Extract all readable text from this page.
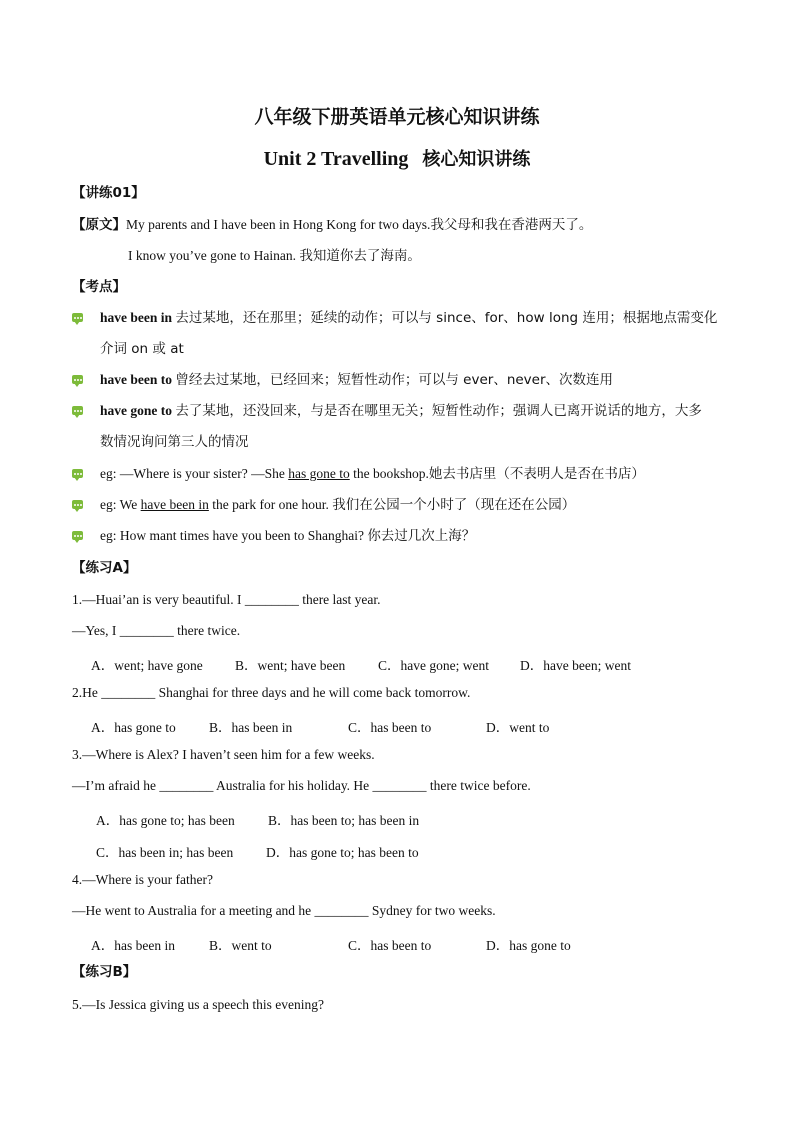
八年级下册英语单元核心知识讲练
Unit 2 Travelling 核心知识讲练
【讲练01】
【原文】My parents and I have been in Hong Kong for two days.我父母和我在香港两天了。
I know you’ve gone to Hainan. 我知道你去了海南。
【考点】
have been in 去过某地，还在那里；延续的动作；可以与 since、for、how long 连用；根据地点需变化
介词 on 或 at
have been to 曾经去过某地，已经回来；短暂性动作；可以与 ever、never、次数连用
have gone to 去了某地，还没回来，与是否在哪里无关；短暂性动作；强调人已离开说话的地方，大多
数情况询问第三人的情况
eg: —Where is your sister? —She has gone to the bookshop.她去书店里（不表明人是否在书店）
eg: We have been in the park for one hour. 我们在公园一个小时了（现在还在公园）
eg: How mant times have you been to Shanghai? 你去过几次上海？
【练习A】
1.—Huai’an is very beautiful. I ________ there last year.
—Yes, I ________ there twice.
A．went; have gone B．went; have been C．have gone; went D．have been; went
2.He ________ Shanghai for three days and he will come back tomorrow.
A．has gone to B．has been in	C．has been to	D．went to
3.—Where is Alex? I haven’t seen him for a few weeks.
—I’m afraid he ________ Australia for his holiday. He ________ there twice before.
A．has gone to; has been B．has been to; has been in
C．has been in; has been D．has gone to; has been to
4.—Where is your father?
—He went to Australia for a meeting and he ________ Sydney for two weeks.
A．has been in	B．went to	C．has been to	D．has gone to
【练习B】
5.—Is Jessica giving us a speech this evening?
